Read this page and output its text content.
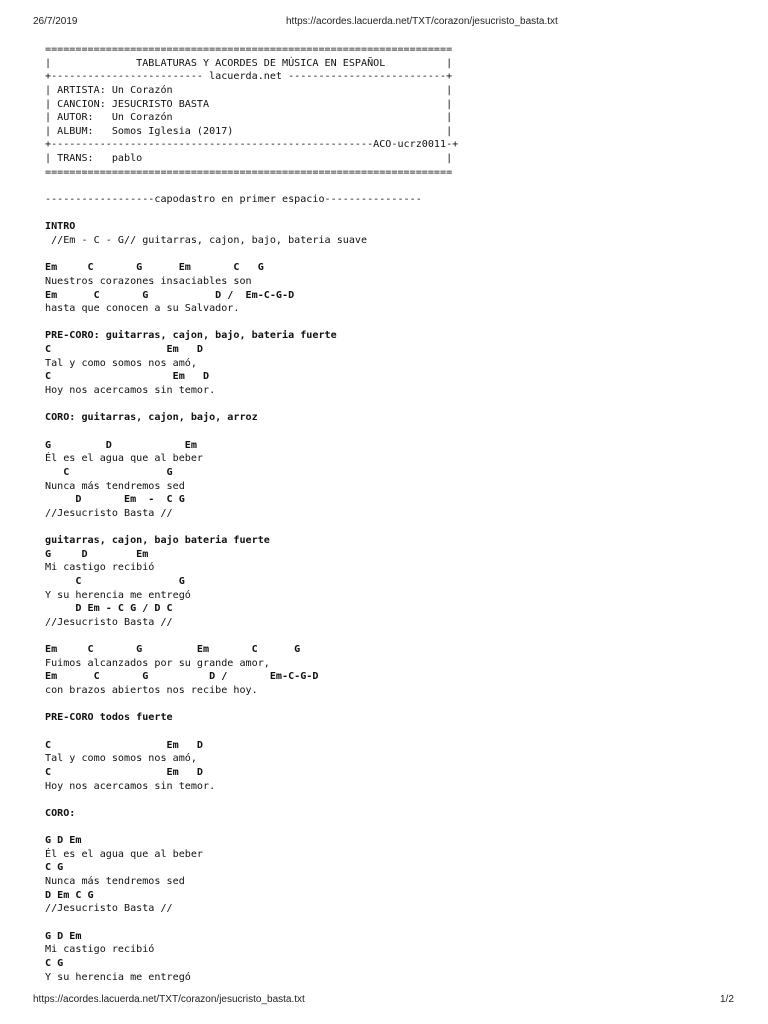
26/7/2019	https://acordes.lacuerda.net/TXT/corazon/jesucristo_basta.txt
===================================================================
|              TABLATURAS Y ACORDES DE MÚSICA EN ESPAÑOL          |
+------------------------- lacuerda.net --------------------------+
| ARTISTA: Un Corazón                                             |
| CANCION: JESUCRISTO BASTA                                       |
| AUTOR:   Un Corazón                                             |
| ALBUM:   Somos Iglesia (2017)                                   |
+-----------------------------------------------------ACO-ucrz0011-+
| TRANS:   pablo                                                  |
===================================================================
------------------capodastro en primer espacio----------------
INTRO
//Em - C - G// guitarras, cajon, bajo, bateria suave
Em     C       G      Em       C   G
Nuestros corazones insaciables son
Em      C       G           D /  Em-C-G-D
hasta que conocen a su Salvador.
PRE-CORO: guitarras, cajon, bajo, bateria fuerte
C                   Em   D
Tal y como somos nos amó,
C                    Em   D
Hoy nos acercamos sin temor.
CORO: guitarras, cajon, bajo, arroz
G         D            Em
Él es el agua que al beber
C                G
Nunca más tendremos sed
D       Em  -  C G
//Jesucristo Basta //
guitarras, cajon, bajo bateria fuerte
G     D        Em
Mi castigo recibió
C                G
Y su herencia me entregó
D Em - C G / D C
//Jesucristo Basta //
Em     C       G         Em       C      G
Fuimos alcanzados por su grande amor,
Em      C       G          D /       Em-C-G-D
con brazos abiertos nos recibe hoy.
PRE-CORO todos fuerte
C                   Em   D
Tal y como somos nos amó,
C                   Em   D
Hoy nos acercamos sin temor.
CORO:
G D Em
Él es el agua que al beber
C G
Nunca más tendremos sed
D Em C G
//Jesucristo Basta //
G D Em
Mi castigo recibió
C G
Y su herencia me entregó
https://acordes.lacuerda.net/TXT/corazon/jesucristo_basta.txt	1/2
